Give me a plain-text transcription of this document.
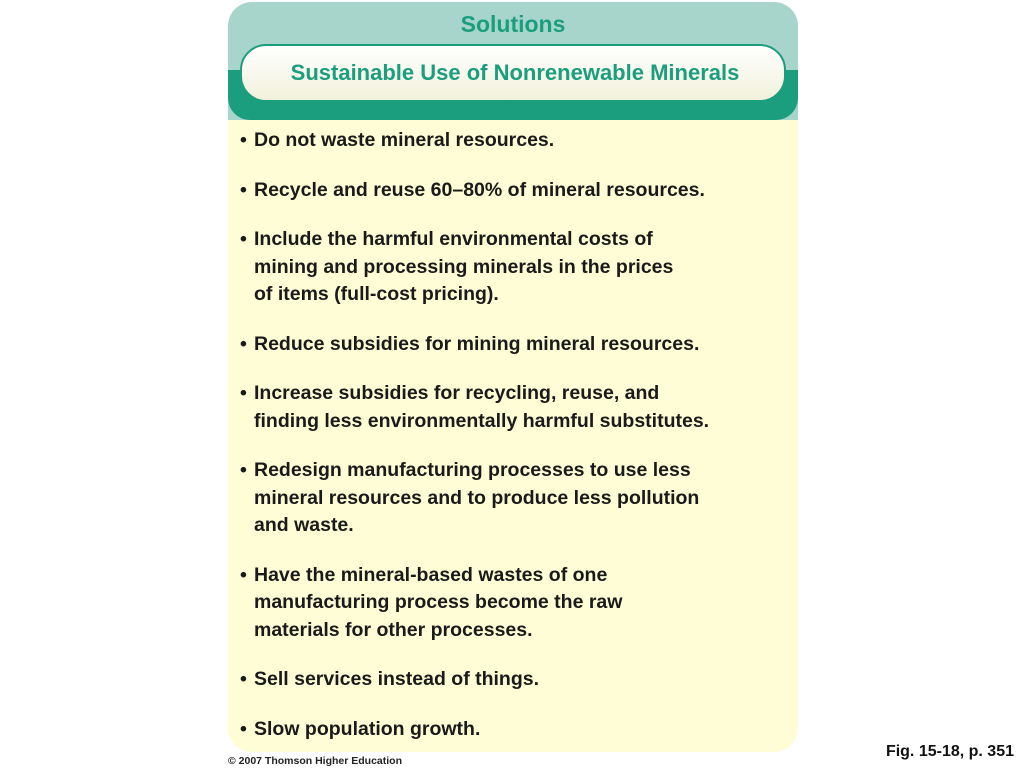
Solutions
Sustainable Use of Nonrenewable Minerals
• Do not waste mineral resources.
• Recycle and reuse 60–80% of mineral resources.
• Include the harmful environmental costs of
mining and processing minerals in the prices
of items (full-cost pricing).
• Reduce subsidies for mining mineral resources.
• Increase subsidies for recycling, reuse, and
finding less environmentally harmful substitutes.
• Redesign manufacturing processes to use less
mineral resources and to produce less pollution
and waste.
• Have the mineral-based wastes of one
manufacturing process become the raw
materials for other processes.
• Sell services instead of things.
• Slow population growth.
Fig. 15-18, p. 351
© 2007 Thomson Higher Education
